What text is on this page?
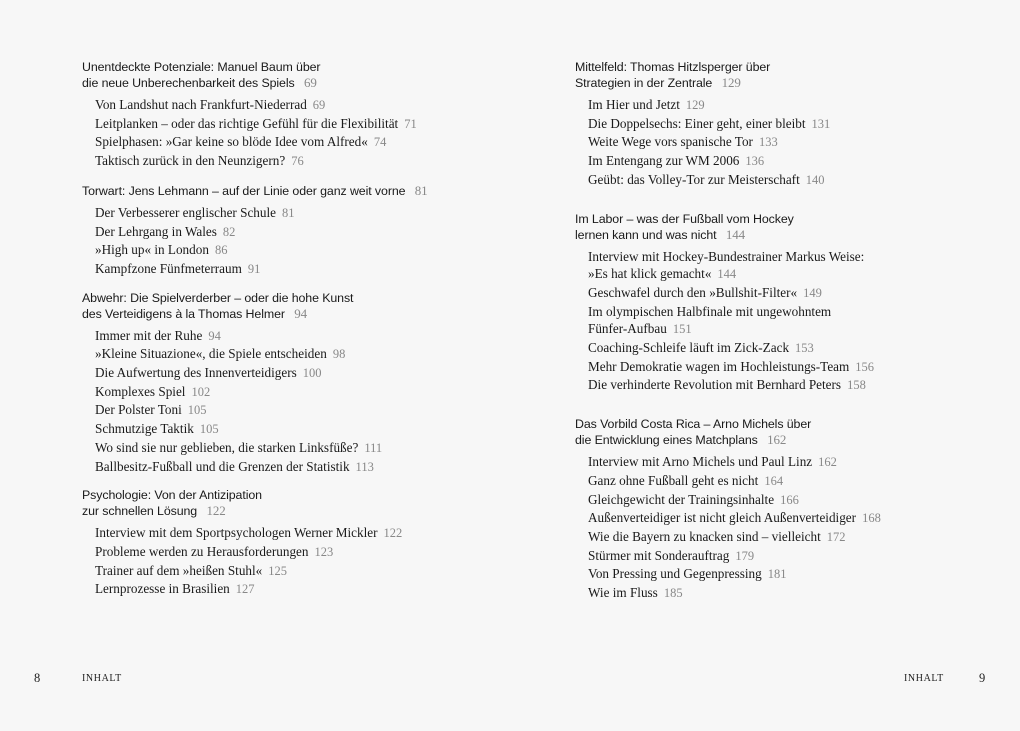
Unentdeckte Potenziale: Manuel Baum über
die neue Unberechenbarkeit des Spiels 69
Von Landshut nach Frankfurt-Niederrad 69
Leitplanken – oder das richtige Gefühl für die Flexibilität 71
Spielphasen: »Gar keine so blöde Idee vom Alfred« 74
Taktisch zurück in den Neunzigern? 76
Torwart: Jens Lehmann – auf der Linie oder ganz weit vorne 81
Der Verbesserer englischer Schule 81
Der Lehrgang in Wales 82
»High up« in London 86
Kampfzone Fünfmeterraum 91
Abwehr: Die Spielverderber – oder die hohe Kunst
des Verteidigens à la Thomas Helmer 94
Immer mit der Ruhe 94
»Kleine Situazione«, die Spiele entscheiden 98
Die Aufwertung des Innenverteidigers 100
Komplexes Spiel 102
Der Polster Toni 105
Schmutzige Taktik 105
Wo sind sie nur geblieben, die starken Linksfüße? 111
Ballbesitz-Fußball und die Grenzen der Statistik 113
Psychologie: Von der Antizipation
zur schnellen Lösung 122
Interview mit dem Sportpsychologen Werner Mickler 122
Probleme werden zu Herausforderungen 123
Trainer auf dem »heißen Stuhl« 125
Lernprozesse in Brasilien 127
Mittelfeld: Thomas Hitzlsperger über
Strategien in der Zentrale 129
Im Hier und Jetzt 129
Die Doppelsechs: Einer geht, einer bleibt 131
Weite Wege vors spanische Tor 133
Im Entengang zur WM 2006 136
Geübt: das Volley-Tor zur Meisterschaft 140
Im Labor – was der Fußball vom Hockey
lernen kann und was nicht 144
Interview mit Hockey-Bundestrainer Markus Weise:
»Es hat klick gemacht« 144
Geschwafel durch den »Bullshit-Filter« 149
Im olympischen Halbfinale mit ungewohntem
Fünfer-Aufbau 151
Coaching-Schleife läuft im Zick-Zack 153
Mehr Demokratie wagen im Hochleistungs-Team 156
Die verhinderte Revolution mit Bernhard Peters 158
Das Vorbild Costa Rica – Arno Michels über
die Entwicklung eines Matchplans 162
Interview mit Arno Michels und Paul Linz 162
Ganz ohne Fußball geht es nicht 164
Gleichgewicht der Trainingsinhalte 166
Außenverteidiger ist nicht gleich Außenverteidiger 168
Wie die Bayern zu knacken sind – vielleicht 172
Stürmer mit Sonderauftrag 179
Von Pressing und Gegenpressing 181
Wie im Fluss 185
8	INHALT	INHALT	9
